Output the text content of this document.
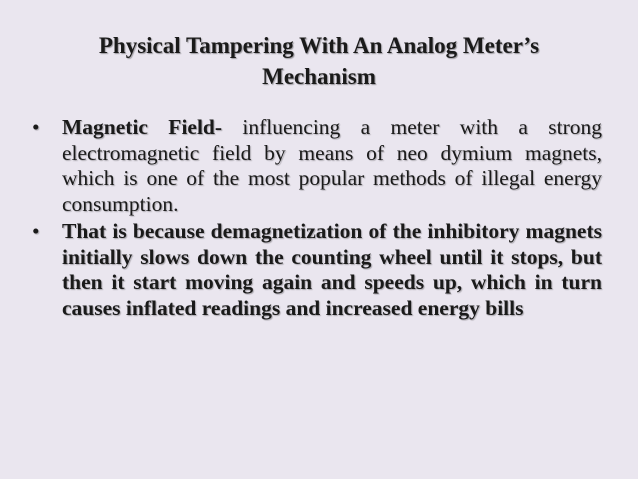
Physical Tampering With An Analog Meter’s
Mechanism
• Magnetic Field- influencing a meter with a strong electromagnetic field by means of neo dymium magnets, which is one of the most popular methods of illegal energy consumption.
• That is because demagnetization of the inhibitory magnets initially slows down the counting wheel until it stops, but then it start moving again and speeds up, which in turn causes inflated readings and increased energy bills
